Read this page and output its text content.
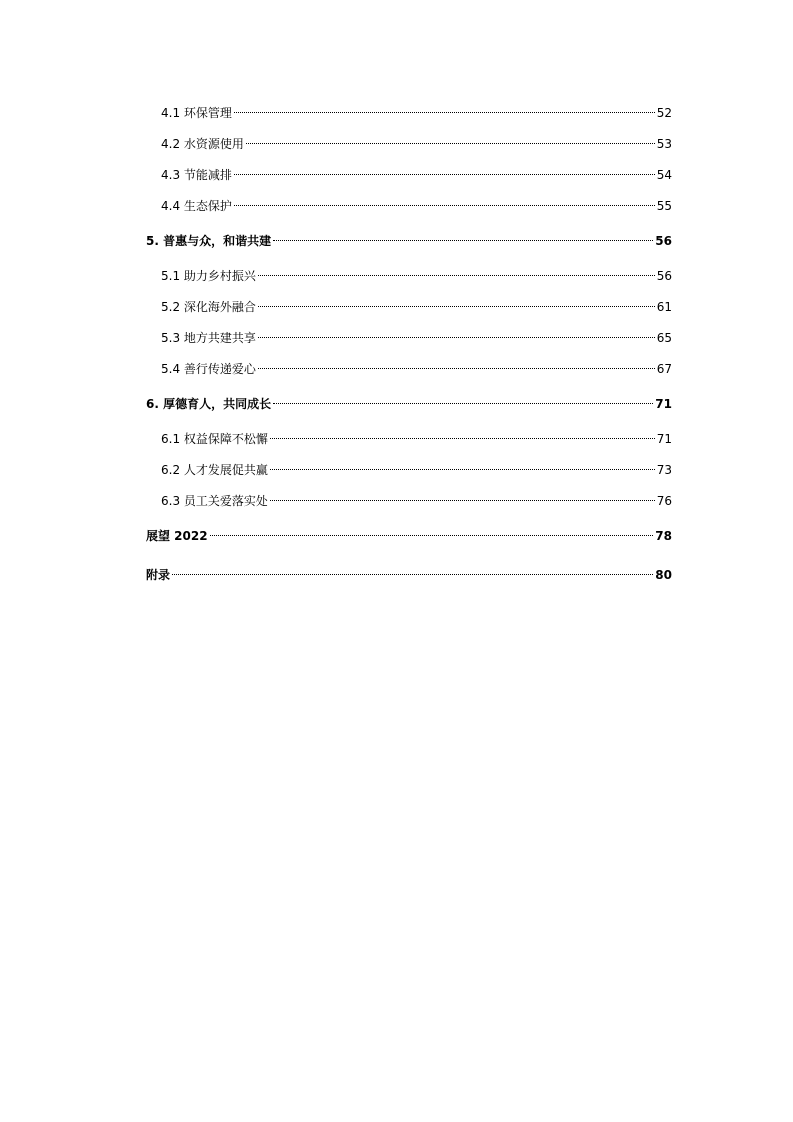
4.1 环保管理	52
4.2 水资源使用	53
4.3 节能减排	54
4.4 生态保护	55
5. 普惠与众，和谐共建	56
5.1 助力乡村振兴	56
5.2 深化海外融合	61
5.3 地方共建共享	65
5.4 善行传递爱心	67
6. 厚德育人，共同成长	71
6.1 权益保障不松懈	71
6.2 人才发展促共赢	73
6.3 员工关爱落实处	76
展望 2022	78
附录	80
